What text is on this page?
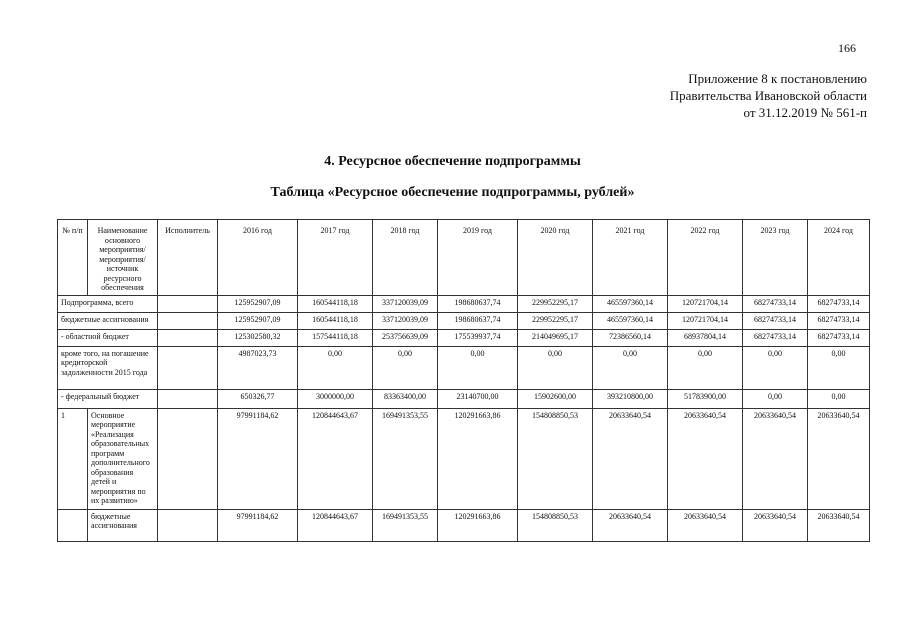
166
Приложение 8 к постановлению
Правительства Ивановской области
от 31.12.2019 № 561-п
4. Ресурсное обеспечение подпрограммы
Таблица «Ресурсное обеспечение подпрограммы, рублей»
№ п/п	Наименование основного мероприятия/мероприятия/источник ресурсного обеспечения	Исполнитель	2016 год	2017 год	2018 год	2019 год	2020 год	2021 год	2022 год	2023 год	2024 год
Подпрограмма, всего			125952907,09	160544118,18	337120039,09	198680637,74	229952295,17	465597360,14	120721704,14	68274733,14	68274733,14
бюджетные ассигнования			125952907,09	160544118,18	337120039,09	198680637,74	229952295,17	465597360,14	120721704,14	68274733,14	68274733,14
- областной бюджет			125302580,32	157544118,18	253756639,09	175539937,74	214049695,17	72386560,14	68937804,14	68274733,14	68274733,14
кроме того, на погашение кредиторской задолженности 2015 года			4987023,73	0,00	0,00	0,00	0,00	0,00	0,00	0,00	0,00
- федеральный бюджет			650326,77	3000000,00	83363400,00	23140700,00	15902600,00	393210800,00	51783900,00	0,00	0,00
1	Основное мероприятие «Реализация образовательных программ дополнительного образования детей и мероприятия по их развитию»		97991184,62	120844643,67	169491353,55	120291663,86	154808850,53	20633640,54	20633640,54	20633640,54	20633640,54
	бюджетные ассигнования		97991184,62	120844643,67	169491353,55	120291663,86	154808850,53	20633640,54	20633640,54	20633640,54	20633640,54
